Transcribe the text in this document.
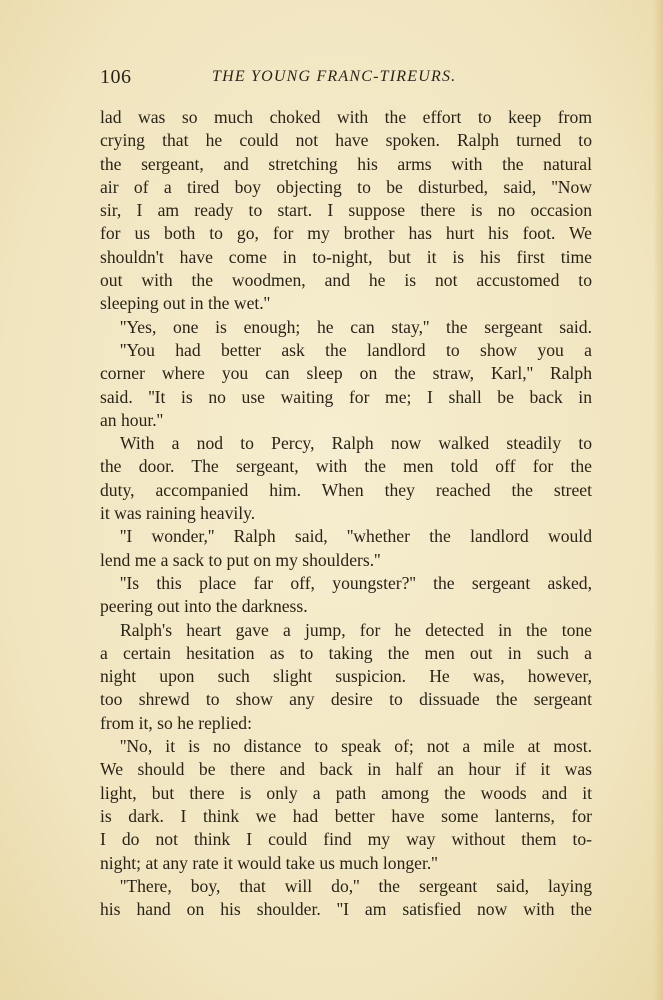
106	THE YOUNG FRANC-TIREURS.
lad was so much choked with the effort to keep from
crying that he could not have spoken. Ralph turned to
the sergeant, and stretching his arms with the natural
air of a tired boy objecting to be disturbed, said, ''Now
sir, I am ready to start. I suppose there is no occasion
for us both to go, for my brother has hurt his foot. We
shouldn't have come in to-night, but it is his first time
out with the woodmen, and he is not accustomed to
sleeping out in the wet.''
''Yes, one is enough; he can stay,'' the sergeant said.
''You had better ask the landlord to show you a
corner where you can sleep on the straw, Karl,'' Ralph
said. ''It is no use waiting for me; I shall be back in
an hour.''
With a nod to Percy, Ralph now walked steadily to
the door. The sergeant, with the men told off for the
duty, accompanied him. When they reached the street
it was raining heavily.
''I wonder,'' Ralph said, ''whether the landlord would
lend me a sack to put on my shoulders.''
''Is this place far off, youngster?'' the sergeant asked,
peering out into the darkness.
Ralph's heart gave a jump, for he detected in the tone
a certain hesitation as to taking the men out in such a
night upon such slight suspicion. He was, however,
too shrewd to show any desire to dissuade the sergeant
from it, so he replied:
''No, it is no distance to speak of; not a mile at most.
We should be there and back in half an hour if it was
light, but there is only a path among the woods and it
is dark. I think we had better have some lanterns, for
I do not think I could find my way without them to-
night; at any rate it would take us much longer.''
''There, boy, that will do,'' the sergeant said, laying
his hand on his shoulder. ''I am satisfied now with the
